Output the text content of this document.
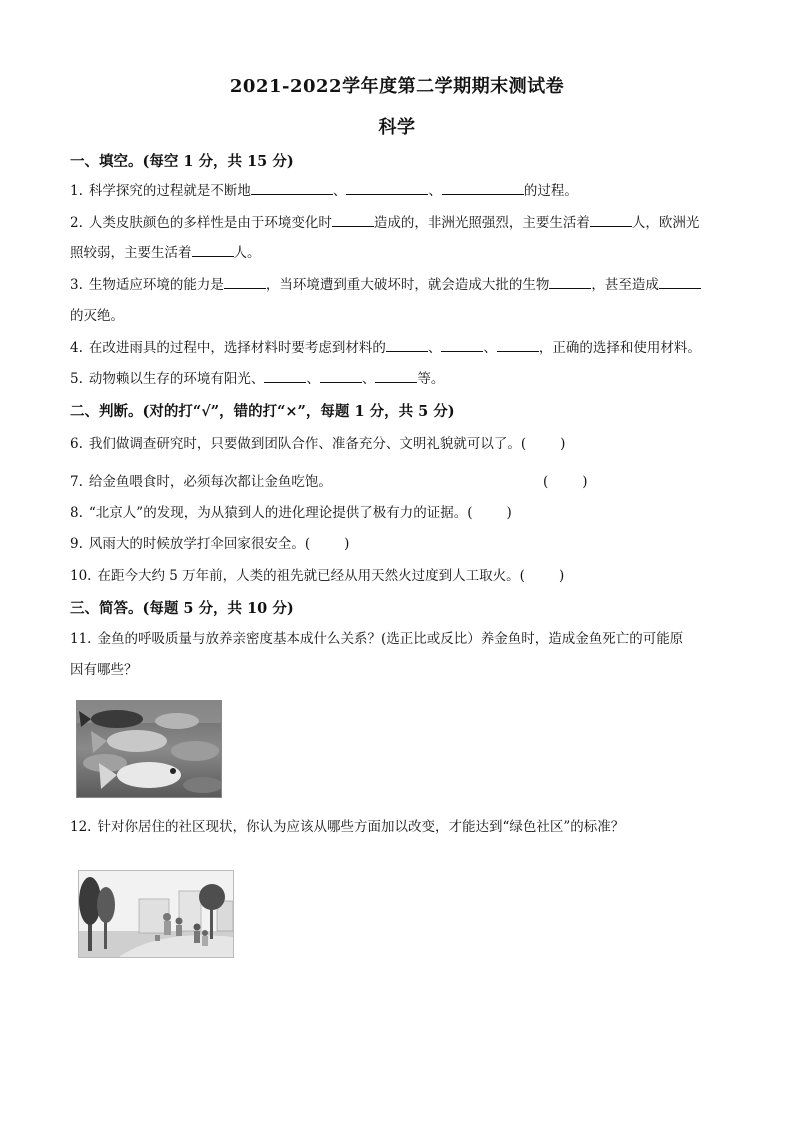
2021-2022学年度第二学期期末测试卷
科学
一、填空。(每空 1 分，共 15 分)
1. 科学探究的过程就是不断地	、	、	的过程。
2. 人类皮肤颜色的多样性是由于环境变化时	造成的，非洲光照强烈，主要生活着	人，欧洲光
照较弱，主要生活着	人。
3. 生物适应环境的能力是	，当环境遭到重大破坏时，就会造成大批的生物	，甚至造成
的灭绝。
4. 在改进雨具的过程中，选择材料时要考虑到材料的	、	、	，正确的选择和使用材料。
5. 动物赖以生存的环境有阳光、	、	、	等。
二、判断。(对的打“√”，错的打“×”，每题 1 分，共 5 分)
6. 我们做调查研究时，只要做到团队合作、准备充分、文明礼貌就可以了。(	)
7. 给金鱼喂食时，必须每次都让金鱼吃饱。	(	)
8. “北京人”的发现，为从猿到人的进化理论提供了极有力的证据。(	)
9. 风雨大的时候放学打伞回家很安全。(	)
10. 在距今大约 5 万年前，人类的祖先就已经从用天然火过度到人工取火。(	)
三、简答。(每题 5 分，共 10 分)
11. 金鱼的呼吸质量与放养亲密度基本成什么关系？(选正比或反比）养金鱼时，造成金鱼死亡的可能原
因有哪些？
12. 针对你居住的社区现状，你认为应该从哪些方面加以改变，才能达到“绿色社区”的标准？
